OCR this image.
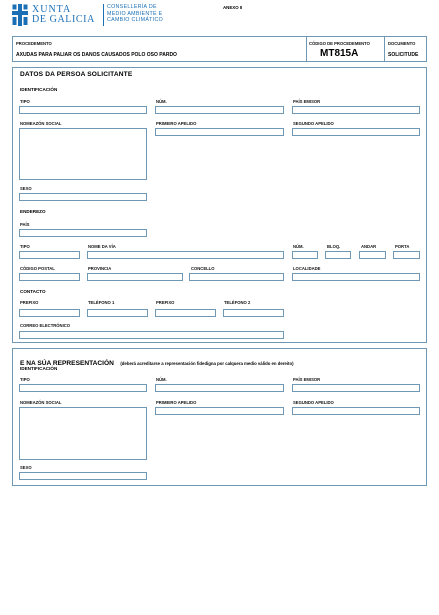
XUNTA
DE GALICIA
CONSELLERÍA DE
MEDIO AMBIENTE E
CAMBIO CLIMÁTICO
ANEXO II
PROCEDEMENTO
AXUDAS PARA PALIAR OS DANOS CAUSADOS POLO OSO PARDO
CÓDIGO DE PROCEDEMENTO
MT815A
DOCUMENTO
SOLICITUDE
DATOS DA PERSOA SOLICITANTE
IDENTIFICACIÓN
TIPO	NÚM.	PAÍS EMISOR
NOMEAZÓN SOCIAL	PRIMEIRO APELIDO	SEGUNDO APELIDO
SEXO
ENDEREZO
PAÍS
TIPO	NOME DA VÍA	NÚM.	BLOQ.	ANDAR	PORTA
CÓDIGO POSTAL	PROVINCIA	CONCELLO	LOCALIDADE
CONTACTO
PREFIXO	TELÉFONO 1	PREFIXO	TELÉFONO 2
CORREO ELECTRÓNICO
E NA SÚA REPRESENTACIÓN (deberá acreditarse a representación fidedigna por calquera medio válido en dereito)
IDENTIFICACIÓN
TIPO	NÚM.	PAÍS EMISOR
NOMEAZÓN SOCIAL	PRIMEIRO APELIDO	SEGUNDO APELIDO
SEXO
